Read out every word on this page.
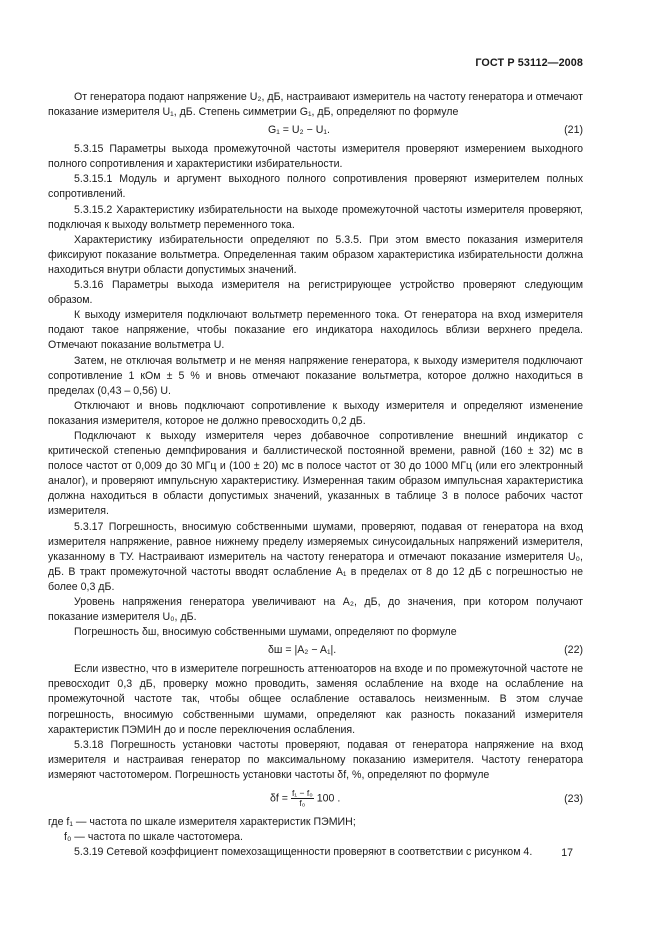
ГОСТ Р 53112—2008

От генератора подают напряжение U₂, дБ, настраивают измеритель на частоту генератора и отмечают показание измерителя U₁, дБ. Степень симметрии G₁, дБ, определяют по формуле

G₁ = U₂ − U₁.	(21)

5.3.15 Параметры выхода промежуточной частоты измерителя проверяют измерением выходного полного сопротивления и характеристики избирательности.

5.3.15.1 Модуль и аргумент выходного полного сопротивления проверяют измерителем полных сопротивлений.

5.3.15.2 Характеристику избирательности на выходе промежуточной частоты измерителя проверяют, подключая к выходу вольтметр переменного тока.

Характеристику избирательности определяют по 5.3.5. При этом вместо показания измерителя фиксируют показание вольтметра. Определенная таким образом характеристика избирательности должна находиться внутри области допустимых значений.

5.3.16 Параметры выхода измерителя на регистрирующее устройство проверяют следующим образом.

К выходу измерителя подключают вольтметр переменного тока. От генератора на вход измерителя подают такое напряжение, чтобы показание его индикатора находилось вблизи верхнего предела. Отмечают показание вольтметра U.

Затем, не отключая вольтметр и не меняя напряжение генератора, к выходу измерителя подключают сопротивление 1 кОм ± 5 % и вновь отмечают показание вольтметра, которое должно находиться в пределах (0,43 – 0,56) U.

Отключают и вновь подключают сопротивление к выходу измерителя и определяют изменение показания измерителя, которое не должно превосходить 0,2 дБ.

Подключают к выходу измерителя через добавочное сопротивление внешний индикатор с критической степенью демпфирования и баллистической постоянной времени, равной (160 ± 32) мс в полосе частот от 0,009 до 30 МГц и (100 ± 20) мс в полосе частот от 30 до 1000 МГц (или его электронный аналог), и проверяют импульсную характеристику. Измеренная таким образом импульсная характеристика должна находиться в области допустимых значений, указанных в таблице 3 в полосе рабочих частот измерителя.

5.3.17 Погрешность, вносимую собственными шумами, проверяют, подавая от генератора на вход измерителя напряжение, равное нижнему пределу измеряемых синусоидальных напряжений измерителя, указанному в ТУ. Настраивают измеритель на частоту генератора и отмечают показание измерителя U₀, дБ. В тракт промежуточной частоты вводят ослабление A₁ в пределах от 8 до 12 дБ с погрешностью не более 0,3 дБ.

Уровень напряжения генератора увеличивают на A₂, дБ, до значения, при котором получают показание измерителя U₀, дБ.

Погрешность δш, вносимую собственными шумами, определяют по формуле

δш = |A₂ − A₁|.	(22)

Если известно, что в измерителе погрешность аттенюаторов на входе и по промежуточной частоте не превосходит 0,3 дБ, проверку можно проводить, заменяя ослабление на входе на ослабление на промежуточной частоте так, чтобы общее ослабление оставалось неизменным. В этом случае погрешность, вносимую собственными шумами, определяют как разность показаний измерителя характеристик ПЭМИН до и после переключения ослабления.

5.3.18 Погрешность установки частоты проверяют, подавая от генератора напряжение на вход измерителя и настраивая генератор по максимальному показанию измерителя. Частоту генератора измеряют частотомером. Погрешность установки частоты δf, %, определяют по формуле

$\delta f = \frac{\text{f₁ − f₀}}{\text{f₀}} 100$ .	(23)

где f₁ — частота по шкале измерителя характеристик ПЭМИН;

f₀ — частота по шкале частотомера.

5.3.19 Сетевой коэффициент помехозащищенности проверяют в соответствии с рисунком 4.	17
